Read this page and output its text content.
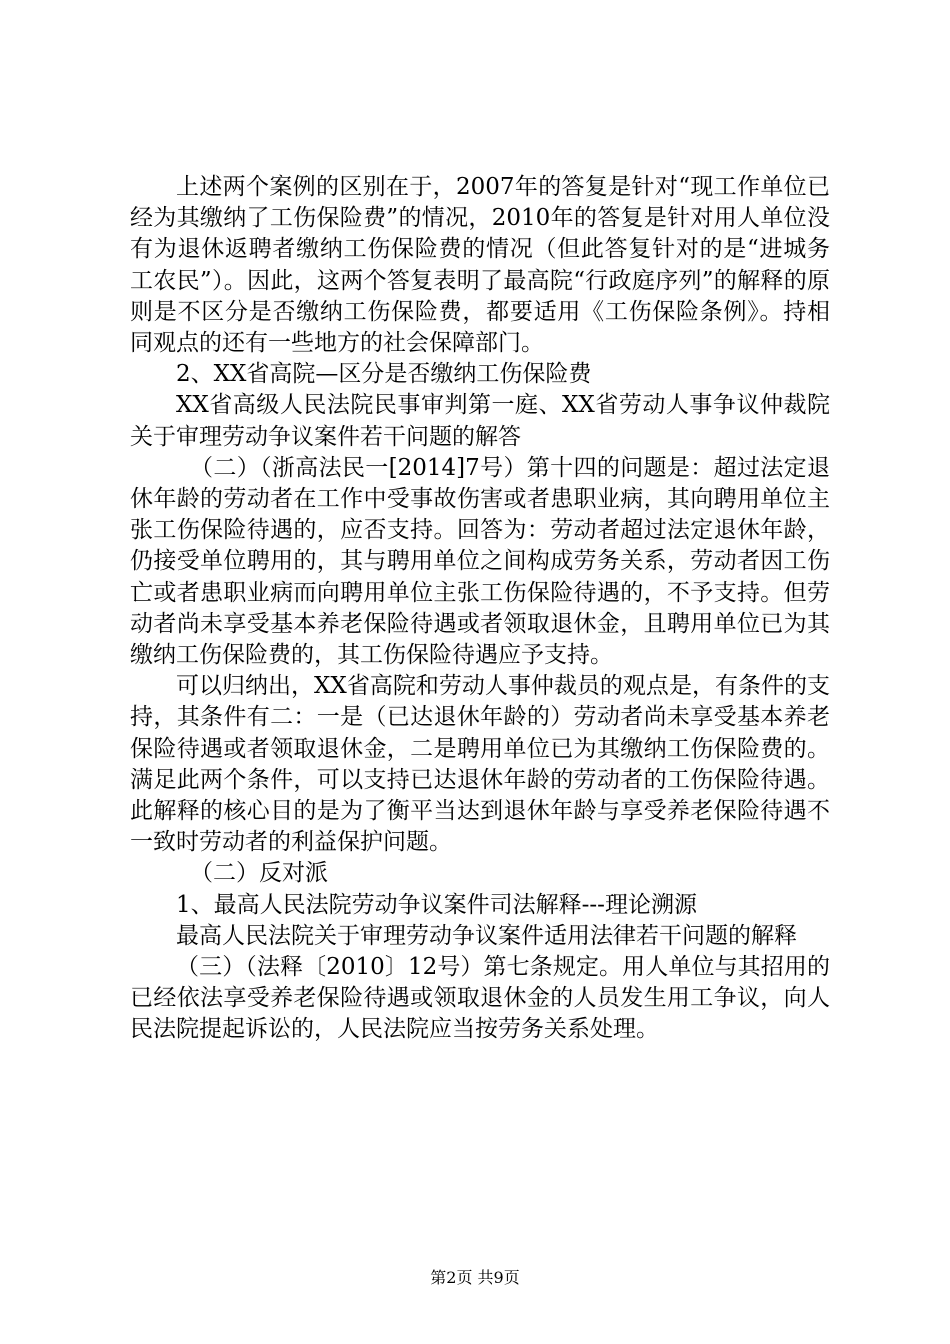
上述两个案例的区别在于，2007年的答复是针对“现工作单位已经为其缴纳了工伤保险费”的情况，2010年的答复是针对用人单位没有为退休返聘者缴纳工伤保险费的情况（但此答复针对的是“进城务工农民”）。因此，这两个答复表明了最高院“行政庭序列”的解释的原则是不区分是否缴纳工伤保险费，都要适用《工伤保险条例》。持相同观点的还有一些地方的社会保障部门。

2、XX省高院—区分是否缴纳工伤保险费

XX省高级人民法院民事审判第一庭、XX省劳动人事争议仲裁院关于审理劳动争议案件若干问题的解答

（二）（浙高法民一[2014]7号）第十四的问题是：超过法定退休年龄的劳动者在工作中受事故伤害或者患职业病，其向聘用单位主张工伤保险待遇的，应否支持。回答为：劳动者超过法定退休年龄，仍接受单位聘用的，其与聘用单位之间构成劳务关系，劳动者因工伤亡或者患职业病而向聘用单位主张工伤保险待遇的，不予支持。但劳动者尚未享受基本养老保险待遇或者领取退休金，且聘用单位已为其缴纳工伤保险费的，其工伤保险待遇应予支持。

可以归纳出，XX省高院和劳动人事仲裁员的观点是，有条件的支持，其条件有二：一是（已达退休年龄的）劳动者尚未享受基本养老保险待遇或者领取退休金，二是聘用单位已为其缴纳工伤保险费的。满足此两个条件，可以支持已达退休年龄的劳动者的工伤保险待遇。此解释的核心目的是为了衡平当达到退休年龄与享受养老保险待遇不一致时劳动者的利益保护问题。

（二）反对派

1、最高人民法院劳动争议案件司法解释---理论溯源

最高人民法院关于审理劳动争议案件适用法律若干问题的解释

（三）（法释〔2010〕12号）第七条规定。用人单位与其招用的已经依法享受养老保险待遇或领取退休金的人员发生用工争议，向人民法院提起诉讼的，人民法院应当按劳务关系处理。

第2页 共9页
